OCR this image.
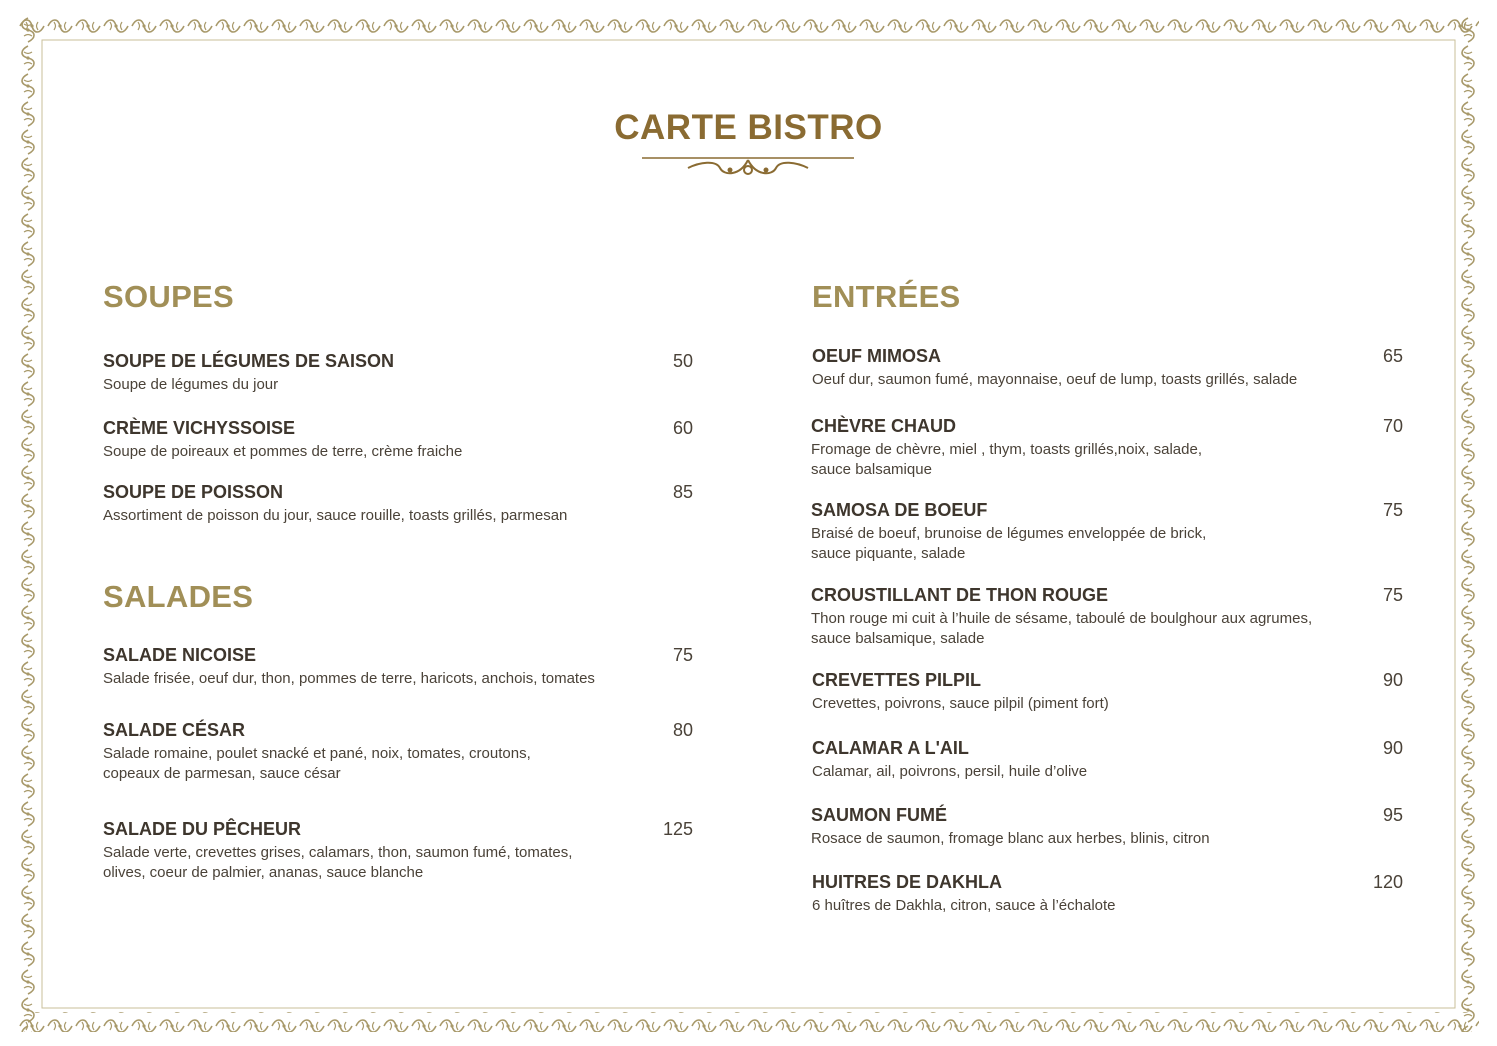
CARTE BISTRO
SOUPES
SOUPE DE LÉGUMES DE SAISON
Soupe de légumes du jour
50
CRÈME VICHYSSOISE
Soupe de poireaux et pommes de terre, crème fraiche
60
SOUPE DE POISSON
Assortiment de poisson du jour, sauce rouille, toasts grillés, parmesan
85
SALADES
SALADE NICOISE
Salade frisée, oeuf dur, thon, pommes de terre, haricots, anchois, tomates
75
SALADE CÉSAR
Salade romaine, poulet snacké et pané, noix, tomates, croutons,
copeaux de parmesan, sauce césar
80
SALADE DU PÊCHEUR
Salade verte, crevettes grises, calamars, thon, saumon fumé, tomates,
olives, coeur de palmier, ananas, sauce blanche
125
ENTRÉES
OEUF MIMOSA
Oeuf dur, saumon fumé, mayonnaise, oeuf de lump, toasts grillés, salade
65
CHÈVRE CHAUD
Fromage de chèvre, miel , thym, toasts grillés,noix, salade,
sauce balsamique
70
SAMOSA DE BOEUF
Braisé de boeuf, brunoise de légumes enveloppée de brick,
sauce piquante, salade
75
CROUSTILLANT DE THON ROUGE
Thon rouge mi cuit à l’huile de sésame, taboulé de boulghour aux agrumes,
sauce balsamique, salade
75
CREVETTES PILPIL
Crevettes, poivrons, sauce pilpil (piment fort)
90
CALAMAR A L'AIL
Calamar, ail, poivrons, persil, huile d’olive
90
SAUMON FUMÉ
Rosace de saumon, fromage blanc aux herbes, blinis, citron
95
HUITRES DE DAKHLA
6 huîtres de Dakhla, citron, sauce à l’échalote
120
